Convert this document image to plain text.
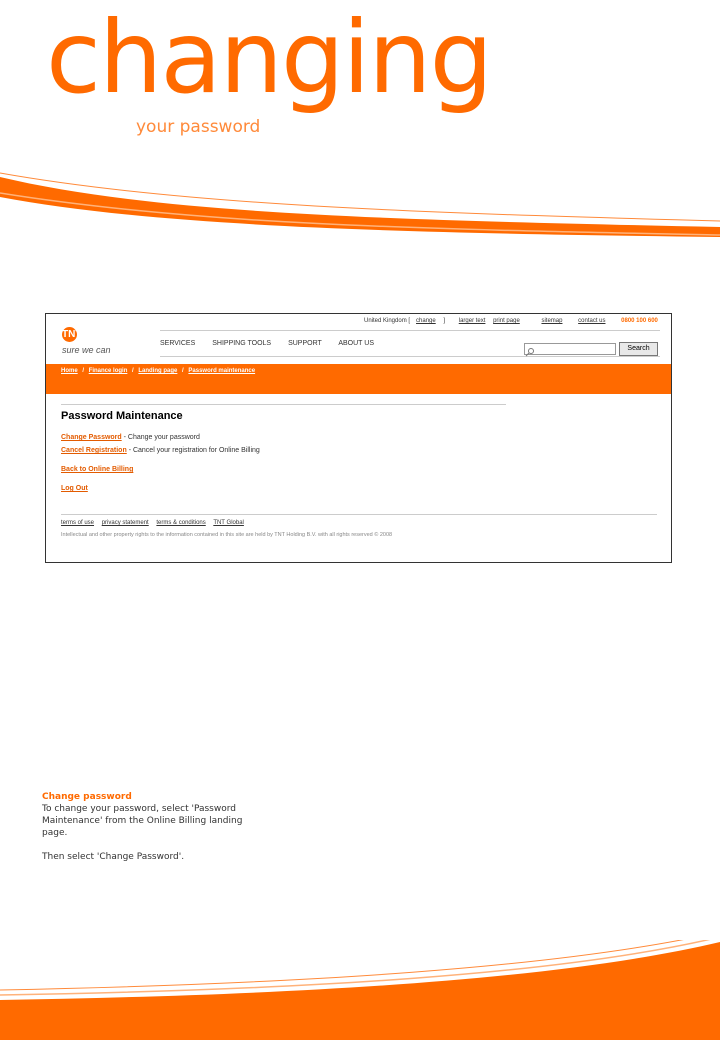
changing
your password
TNT
sure we can
United Kingdom [ change ] larger text print page	sitemap	contact us	0800 100 600
SERVICES SHIPPING TOOLS SUPPORT ABOUT US
Search
Home / Finance login / Landing page / Password maintenance
Password Maintenance
Change Password - Change your password
Cancel Registration - Cancel your registration for Online Billing
Back to Online Billing
Log Out
terms of use privacy statement terms & conditions TNT Global
Intellectual and other property rights to the information contained in this site are held by TNT Holding B.V. with all rights reserved © 2008
Change password
To change your password, select 'Password Maintenance' from the Online Billing landing page.
Then select 'Change Password'.
